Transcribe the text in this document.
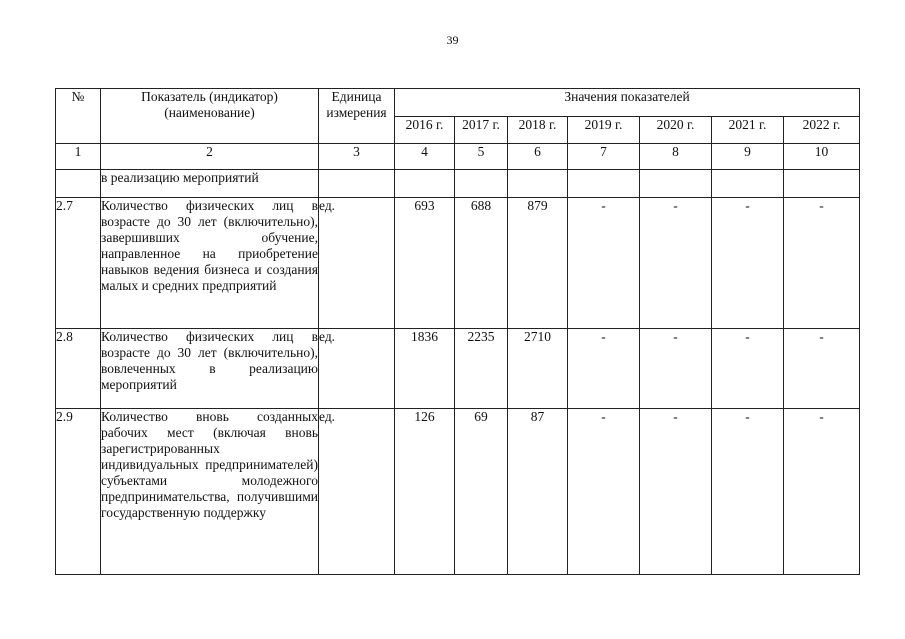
39
№	Показатель (индикатор) (наименование)	Единица измерения	Значения показателей						
			2016 г.	2017 г.	2018 г.	2019 г.	2020 г.	2021 г.	2022 г.
1	2	3	4	5	6	7	8	9	10
	в реализацию мероприятий								
2.7	Количество физических лиц в возрасте до 30 лет (включительно), завершивших обучение, направленное на приобретение навыков ведения бизнеса и создания малых и средних предприятий	ед.	693	688	879	-	-	-	-
2.8	Количество физических лиц в возрасте до 30 лет (включительно), вовлеченных в реализацию мероприятий	ед.	1836	2235	2710	-	-	-	-
2.9	Количество вновь созданных рабочих мест (включая вновь зарегистрированных индивидуальных предпринимателей) субъектами молодежного предпринимательства, получившими государственную поддержку	ед.	126	69	87	-	-	-	-
